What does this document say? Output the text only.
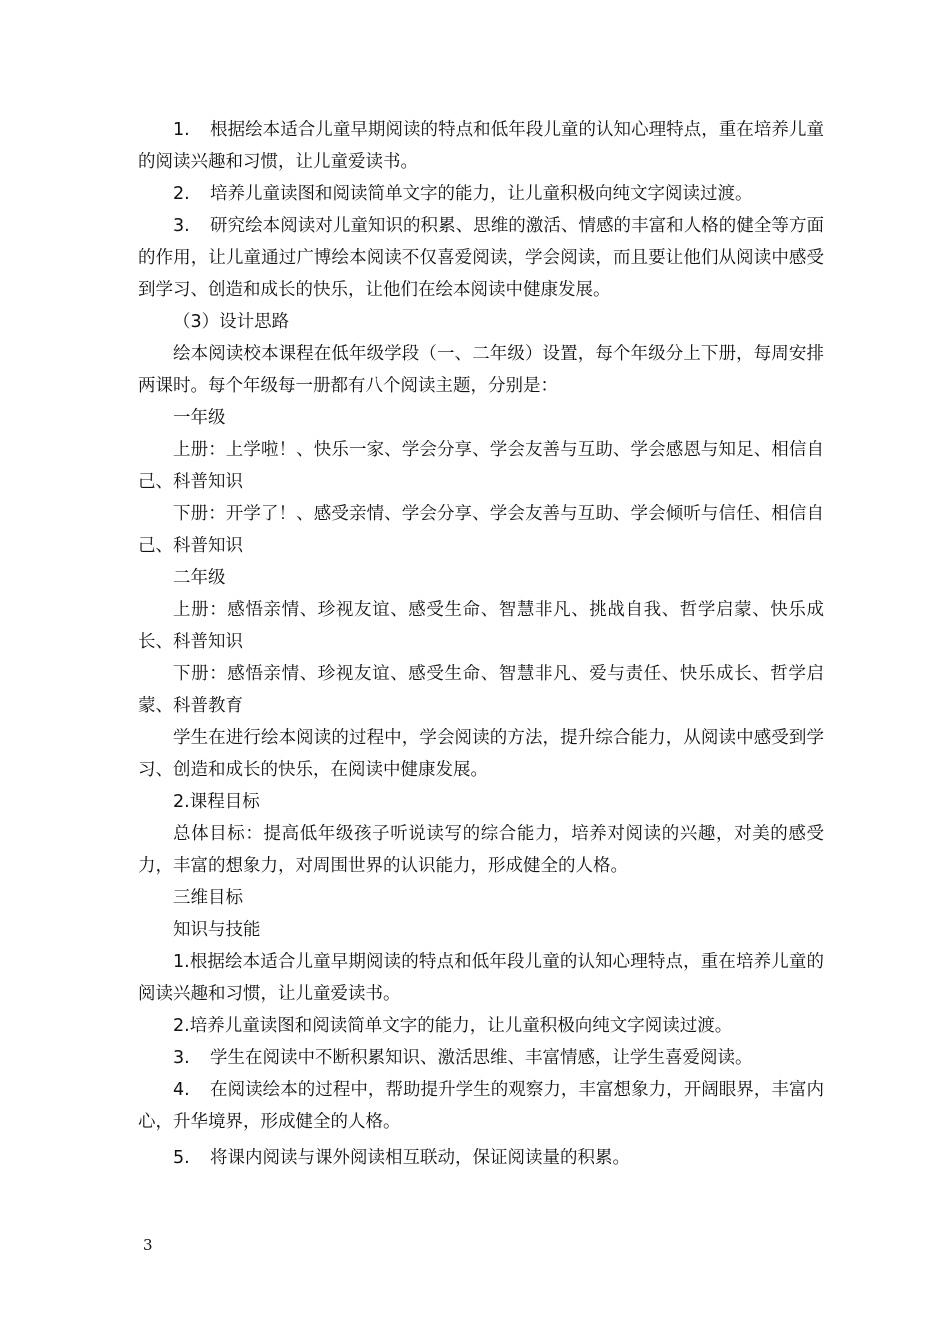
1. 根据绘本适合儿童早期阅读的特点和低年段儿童的认知心理特点，重在培养儿童的阅读兴趣和习惯，让儿童爱读书。

2. 培养儿童读图和阅读简单文字的能力，让儿童积极向纯文字阅读过渡。

3. 研究绘本阅读对儿童知识的积累、思维的激活、情感的丰富和人格的健全等方面的作用，让儿童通过广博绘本阅读不仅喜爱阅读，学会阅读，而且要让他们从阅读中感受到学习、创造和成长的快乐，让他们在绘本阅读中健康发展。

（3）设计思路

绘本阅读校本课程在低年级学段（一、二年级）设置，每个年级分上下册，每周安排两课时。每个年级每一册都有八个阅读主题，分别是：

一年级

上册：上学啦！、快乐一家、学会分享、学会友善与互助、学会感恩与知足、相信自己、科普知识

下册：开学了！、感受亲情、学会分享、学会友善与互助、学会倾听与信任、相信自己、科普知识

二年级

上册：感悟亲情、珍视友谊、感受生命、智慧非凡、挑战自我、哲学启蒙、快乐成长、科普知识

下册：感悟亲情、珍视友谊、感受生命、智慧非凡、爱与责任、快乐成长、哲学启蒙、科普教育

学生在进行绘本阅读的过程中，学会阅读的方法，提升综合能力，从阅读中感受到学习、创造和成长的快乐，在阅读中健康发展。

2.课程目标

总体目标：提高低年级孩子听说读写的综合能力，培养对阅读的兴趣，对美的感受力，丰富的想象力，对周围世界的认识能力，形成健全的人格。

三维目标

知识与技能

1.根据绘本适合儿童早期阅读的特点和低年段儿童的认知心理特点，重在培养儿童的阅读兴趣和习惯，让儿童爱读书。

2.培养儿童读图和阅读简单文字的能力，让儿童积极向纯文字阅读过渡。

3. 学生在阅读中不断积累知识、激活思维、丰富情感，让学生喜爱阅读。

4. 在阅读绘本的过程中，帮助提升学生的观察力，丰富想象力，开阔眼界，丰富内心，升华境界，形成健全的人格。

5. 将课内阅读与课外阅读相互联动，保证阅读量的积累。

3
